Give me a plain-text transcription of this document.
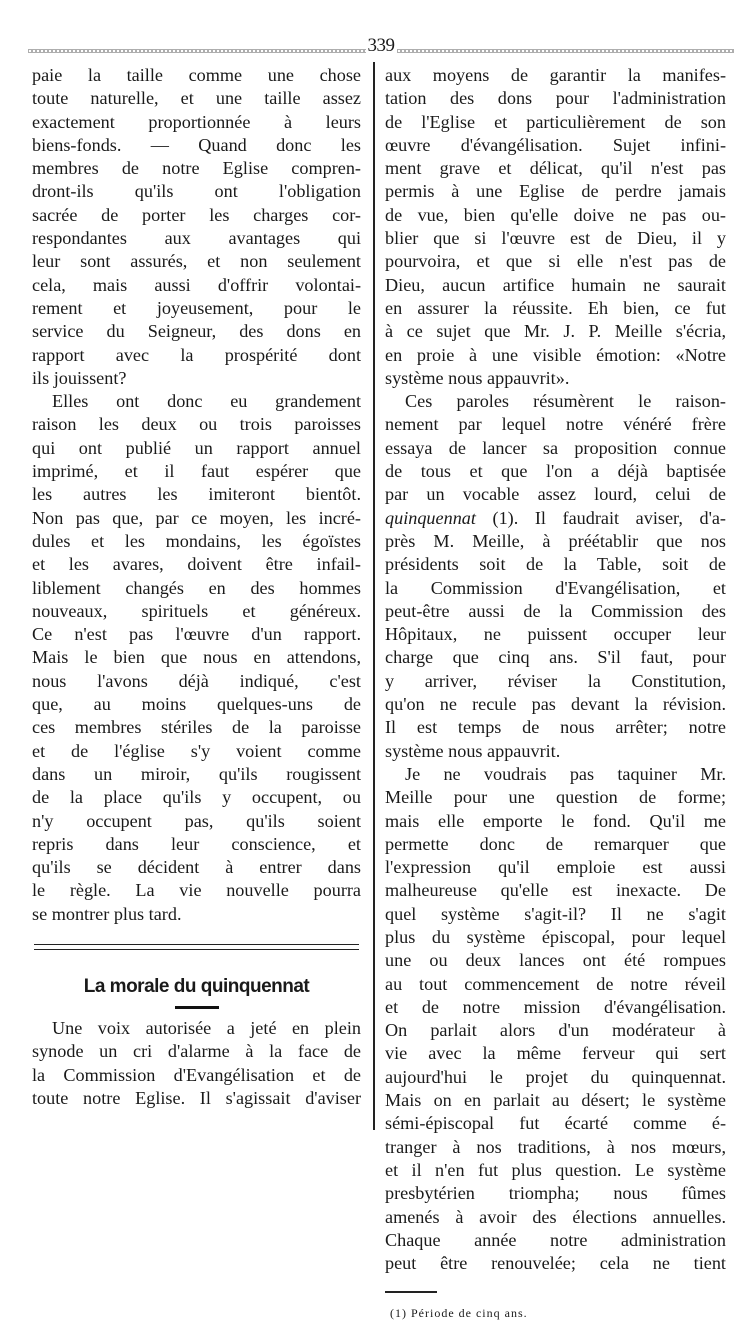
339
paie la taille comme une chose
toute naturelle, et une taille assez
exactement proportionnée à leurs
biens-fonds. — Quand donc les
membres de notre Eglise compren-
dront-ils qu'ils ont l'obligation
sacrée de porter les charges cor-
respondantes aux avantages qui
leur sont assurés, et non seulement
cela, mais aussi d'offrir volontai-
rement et joyeusement, pour le
service du Seigneur, des dons en
rapport avec la prospérité dont
ils jouissent?
Elles ont donc eu grandement
raison les deux ou trois paroisses
qui ont publié un rapport annuel
imprimé, et il faut espérer que
les autres les imiteront bientôt.
Non pas que, par ce moyen, les incré-
dules et les mondains, les égoïstes
et les avares, doivent être infail-
liblement changés en des hommes
nouveaux, spirituels et généreux.
Ce n'est pas l'œuvre d'un rapport.
Mais le bien que nous en attendons,
nous l'avons déjà indiqué, c'est
que, au moins quelques-uns de
ces membres stériles de la paroisse
et de l'église s'y voient comme
dans un miroir, qu'ils rougissent
de la place qu'ils y occupent, ou
n'y occupent pas, qu'ils soient
repris dans leur conscience, et
qu'ils se décident à entrer dans
le règle. La vie nouvelle pourra
se montrer plus tard.
La morale du quinquennat
Une voix autorisée a jeté en plein
synode un cri d'alarme à la face de
la Commission d'Evangélisation et de
toute notre Eglise. Il s'agissait d'aviser
aux moyens de garantir la manifes-
tation des dons pour l'administration
de l'Eglise et particulièrement de son
œuvre d'évangélisation. Sujet infini-
ment grave et délicat, qu'il n'est pas
permis à une Eglise de perdre jamais
de vue, bien qu'elle doive ne pas ou-
blier que si l'œuvre est de Dieu, il y
pourvoira, et que si elle n'est pas de
Dieu, aucun artifice humain ne saurait
en assurer la réussite. Eh bien, ce fut
à ce sujet que Mr. J. P. Meille s'écria,
en proie à une visible émotion: «Notre
système nous appauvrit».
Ces paroles résumèrent le raison-
nement par lequel notre vénéré frère
essaya de lancer sa proposition connue
de tous et que l'on a déjà baptisée
par un vocable assez lourd, celui de
quinquennat (1). Il faudrait aviser, d'a-
près M. Meille, à préétablir que nos
présidents soit de la Table, soit de
la Commission d'Evangélisation, et
peut-être aussi de la Commission des
Hôpitaux, ne puissent occuper leur
charge que cinq ans. S'il faut, pour
y arriver, réviser la Constitution,
qu'on ne recule pas devant la révision.
Il est temps de nous arrêter; notre
système nous appauvrit.
Je ne voudrais pas taquiner Mr.
Meille pour une question de forme;
mais elle emporte le fond. Qu'il me
permette donc de remarquer que
l'expression qu'il emploie est aussi
malheureuse qu'elle est inexacte. De
quel système s'agit-il? Il ne s'agit
plus du système épiscopal, pour lequel
une ou deux lances ont été rompues
au tout commencement de notre réveil
et de notre mission d'évangélisation.
On parlait alors d'un modérateur à
vie avec la même ferveur qui sert
aujourd'hui le projet du quinquennat.
Mais on en parlait au désert; le système
sémi-épiscopal fut écarté comme é-
tranger à nos traditions, à nos mœurs,
et il n'en fut plus question. Le système
presbytérien triompha; nous fûmes
amenés à avoir des élections annuelles.
Chaque année notre administration
peut être renouvelée; cela ne tient
(1) Période de cinq ans.
